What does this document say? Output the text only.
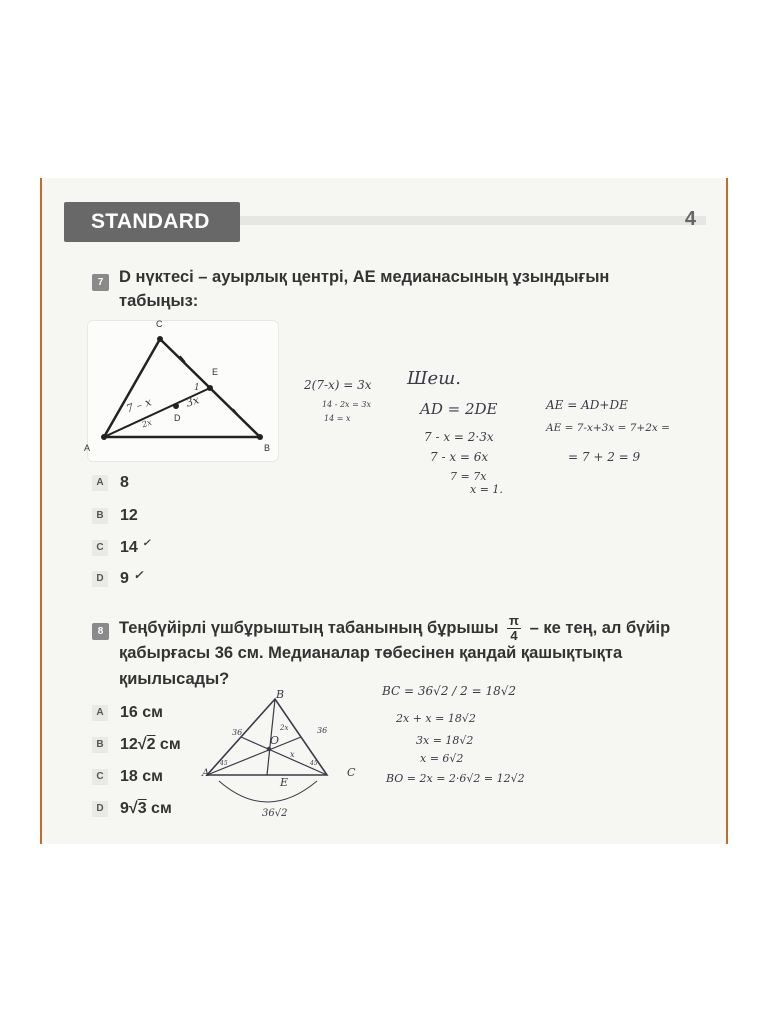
STANDARD	4
7 D нүктесі – ауырлық центрі, AE медианасының ұзындығын
табыңыз:
C
E
D
A	B
7 – x	3x
2x
1	2(7-x) = 3x
14 - 2x = 3x
14 = x
Шеш.
AD = 2DE
7 - x = 2·3x
7 - x = 6x
7 = 7x
x = 1.
AE = AD+DE
AE = 7-x+3x = 7+2x =
= 7 + 2 = 9
A 8
B 12
C 14 ✓
D 9 ✓
8 Теңбүйірлі үшбұрыштың табанының бұрышы $\frac{\pi}{4}$ – ке тең, ал бүйір
қабырғасы 36 см. Медианалар төбесінен қандай қашықтықта
қиылысады?
A 16 см
B 12√2 см
C 18 см
D 9√3 см
B
A	C
O
E
36	36
2x
x
45	45
36√2
BC = 36√2 / 2 = 18√2
2x + x = 18√2
3x = 18√2
x = 6√2
BO = 2x = 2·6√2 = 12√2
